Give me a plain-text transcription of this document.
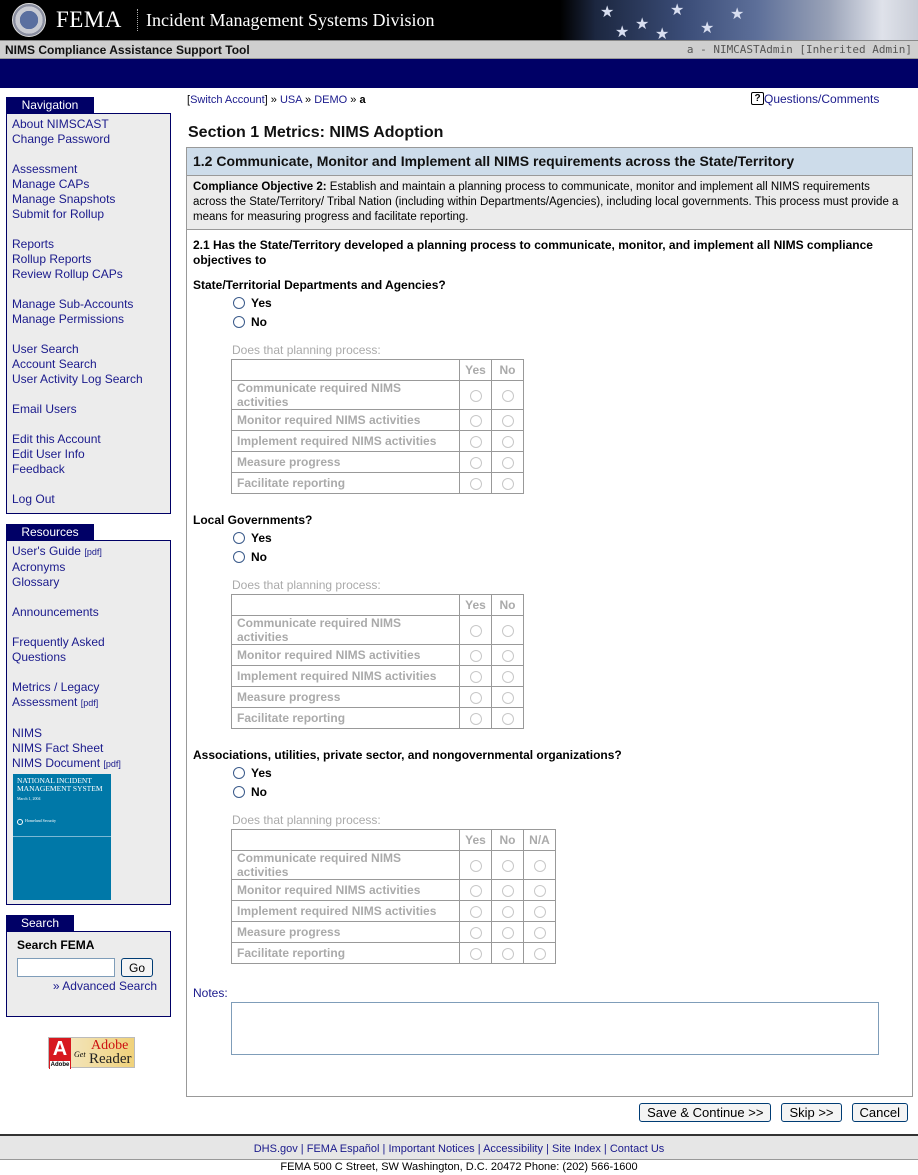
FEMA Incident Management Systems Division	★
★
★
★
★
★ ★
NIMS Compliance Assistance Support Tool	a - NIMCASTAdmin [Inherited Admin]
Navigation
About NIMSCAST
Change Password
Assessment
Manage CAPs
Manage Snapshots
Submit for Rollup
Reports
Rollup Reports
Review Rollup CAPs
Manage Sub-Accounts
Manage Permissions
User Search
Account Search
User Activity Log Search
Email Users
Edit this Account
Edit User Info
Feedback
Log Out
Resources
User's Guide [pdf]
Acronyms
Glossary
Announcements
Frequently Asked
Questions
Metrics / Legacy
Assessment [pdf]
NIMS
NIMS Fact Sheet
NIMS Document [pdf]
NATIONAL INCIDENT MANAGEMENT SYSTEM
March 1, 2004
Homeland Security
Search
Search FEMA
Go
» Advanced Search
A
Adobe
Get
Adobe
Reader
[Switch Account] » USA » DEMO » a	? Questions/Comments
Section 1 Metrics: NIMS Adoption
1.2 Communicate, Monitor and Implement all NIMS requirements across the State/Territory
Compliance Objective 2: Establish and maintain a planning process to communicate, monitor and implement all NIMS requirements across the State/Territory/ Tribal Nation (including within Departments/Agencies), including local governments. This process must provide a means for measuring progress and facilitate reporting.
2.1 Has the State/Territory developed a planning process to communicate, monitor, and implement all NIMS compliance objectives to
Notes:
State/Territorial Departments and Agencies?
Yes
No
Does that planning process:
	Yes	No
Communicate required NIMS activities		
Monitor required NIMS activities		
Implement required NIMS activities		
Measure progress		
Facilitate reporting		
Local Governments?
Yes
No
Does that planning process:
	Yes	No
Communicate required NIMS activities		
Monitor required NIMS activities		
Implement required NIMS activities		
Measure progress		
Facilitate reporting		
Associations, utilities, private sector, and nongovernmental organizations?
Yes
No
Does that planning process:
	Yes	No	N/A
Communicate required NIMS activities			
Monitor required NIMS activities			
Implement required NIMS activities			
Measure progress			
Facilitate reporting			
Save & Continue >>	Skip >>	Cancel
DHS.gov | FEMA Español | Important Notices | Accessibility | Site Index | Contact Us
FEMA 500 C Street, SW Washington, D.C. 20472 Phone: (202) 566-1600
